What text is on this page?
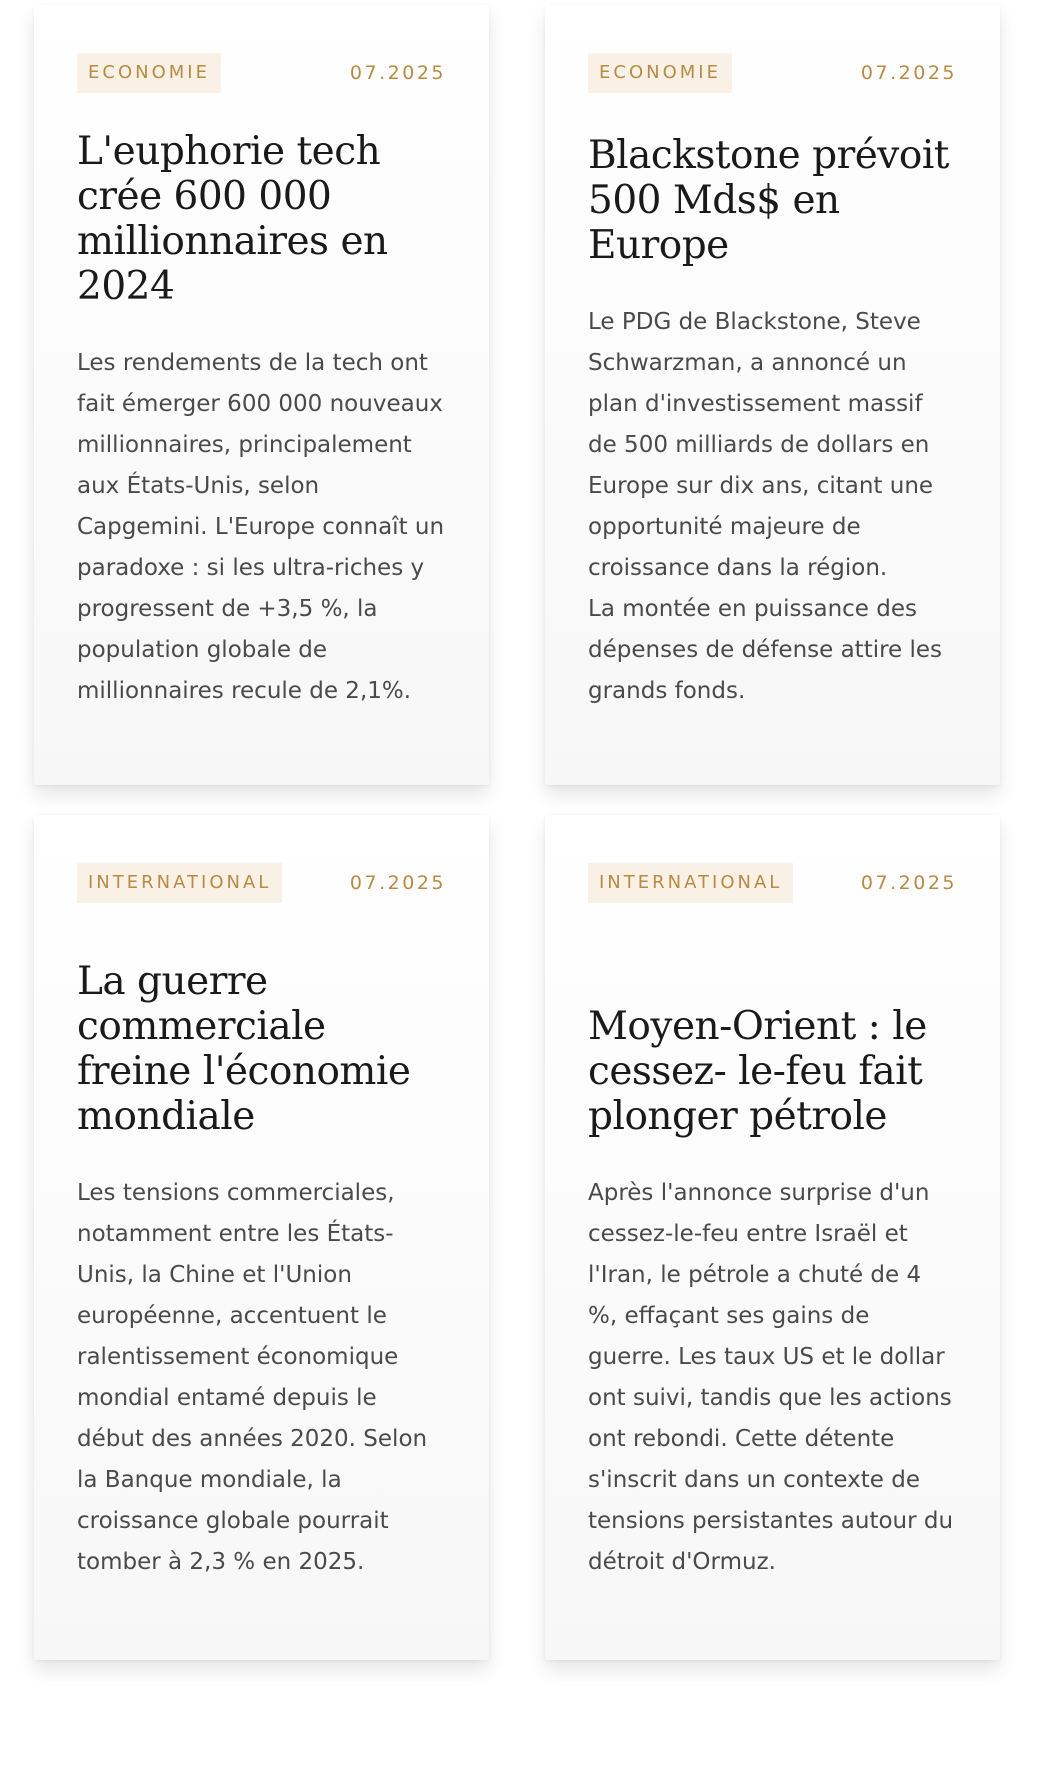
ECONOMIE	07.2025
L'euphorie tech crée 600 000 millionnaires en 2024

Les rendements de la tech ont fait émerger 600 000 nouveaux millionnaires, principalement aux États-Unis, selon Capgemini. L'Europe connaît un paradoxe : si les ultra-riches y progressent de +3,5 %, la population globale de millionnaires recule de 2,1%.

ECONOMIE	07.2025
Blackstone prévoit 500 Mds$ en Europe

Le PDG de Blackstone, Steve Schwarzman, a annoncé un plan d'investissement massif de 500 milliards de dollars en Europe sur dix ans, citant une opportunité majeure de croissance dans la région.
La montée en puissance des dépenses de défense attire les grands fonds.

INTERNATIONAL	07.2025
La guerre commerciale freine l'économie mondiale

Les tensions commerciales, notamment entre les États-Unis, la Chine et l'Union européenne, accentuent le ralentissement économique mondial entamé depuis le début des années 2020. Selon la Banque mondiale, la croissance globale pourrait tomber à 2,3 % en 2025.

INTERNATIONAL	07.2025
Moyen-Orient : le cessez- le-feu fait plonger pétrole

Après l'annonce surprise d'un cessez-le-feu entre Israël et l'Iran, le pétrole a chuté de 4 %, effaçant ses gains de guerre. Les taux US et le dollar ont suivi, tandis que les actions ont rebondi. Cette détente s'inscrit dans un contexte de tensions persistantes autour du détroit d'Ormuz.
